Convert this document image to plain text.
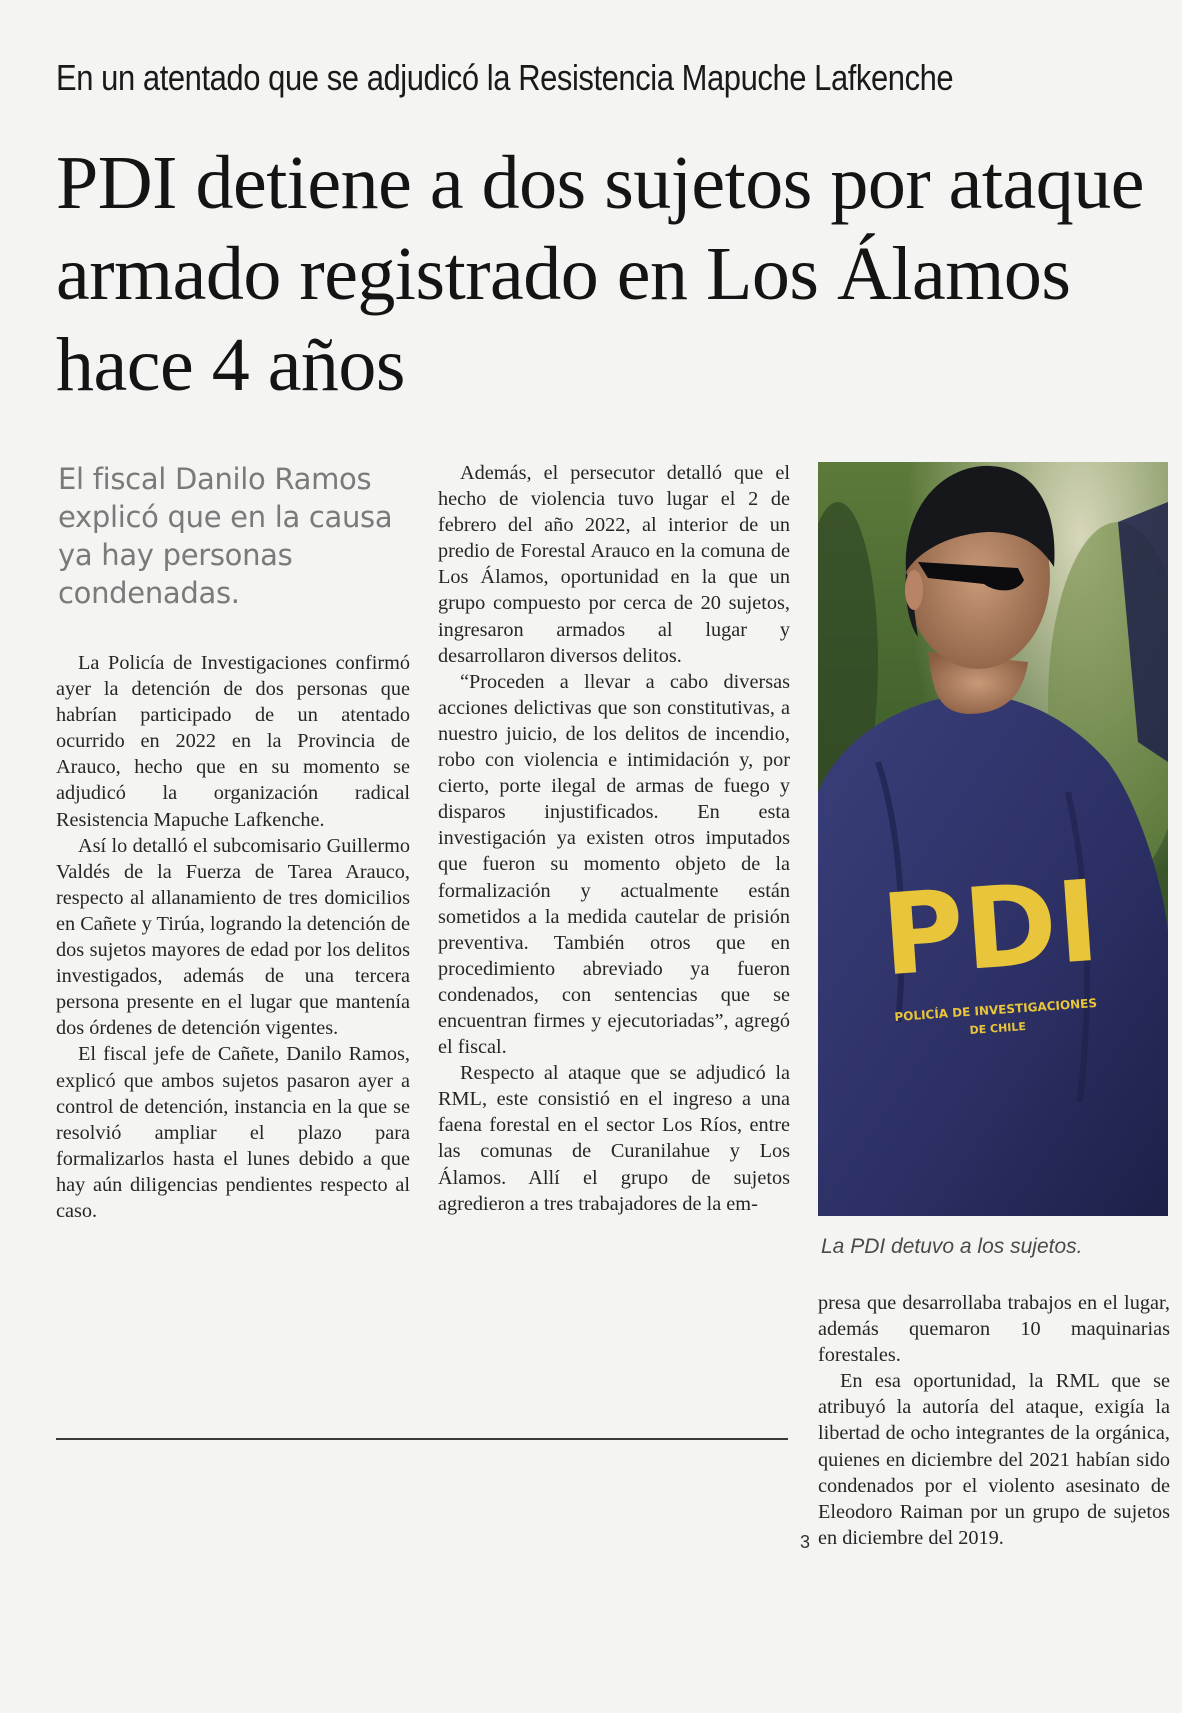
En un atentado que se adjudicó la Resistencia Mapuche Lafkenche
PDI detiene a dos sujetos por ataque armado registrado en Los Álamos hace 4 años
El fiscal Danilo Ramos explicó que en la causa ya hay personas condenadas.

La Policía de Investigaciones confirmó ayer la detención de dos personas que habrían participado de un atentado ocurrido en 2022 en la Provincia de Arauco, hecho que en su momento se adjudicó la organización radical Resistencia Mapuche Lafkenche.

Así lo detalló el subcomisario Guillermo Valdés de la Fuerza de Tarea Arauco, respecto al allanamiento de tres domicilios en Cañete y Tirúa, logrando la detención de dos sujetos mayores de edad por los delitos investigados, además de una tercera persona presente en el lugar que mantenía dos órdenes de detención vigentes.

El fiscal jefe de Cañete, Danilo Ramos, explicó que ambos sujetos pasaron ayer a control de detención, instancia en la que se resolvió ampliar el plazo para formalizarlos hasta el lunes debido a que hay aún diligencias pendientes respecto al caso.

Además, el persecutor detalló que el hecho de violencia tuvo lugar el 2 de febrero del año 2022, al interior de un predio de Forestal Arauco en la comuna de Los Álamos, oportunidad en la que un grupo compuesto por cerca de 20 sujetos, ingresaron armados al lugar y desarrollaron diversos delitos.

“Proceden a llevar a cabo diversas acciones delictivas que son constitutivas, a nuestro juicio, de los delitos de incendio, robo con violencia e intimidación y, por cierto, porte ilegal de armas de fuego y disparos injustificados. En esta investigación ya existen otros imputados que fueron su momento objeto de la formalización y actualmente están sometidos a la medida cautelar de prisión preventiva. También otros que en procedimiento abreviado ya fueron condenados, con sentencias que se encuentran firmes y ejecutoriadas”, agregó el fiscal.

Respecto al ataque que se adjudicó la RML, este consistió en el ingreso a una faena forestal en el sector Los Ríos, entre las comunas de Curanilahue y Los Álamos. Allí el grupo de sujetos agredieron a tres trabajadores de la em-

PDI
POLICÍA DE INVESTIGACIONES
DE CHILE
La PDI detuvo a los sujetos.

presa que desarrollaba trabajos en el lugar, además quemaron 10 maquinarias forestales.

En esa oportunidad, la RML que se atribuyó la autoría del ataque, exigía la libertad de ocho integrantes de la orgánica, quienes en diciembre del 2021 habían sido condenados por el violento asesinato de Eleodoro Raiman por un grupo de sujetos en diciembre del 2019.

3
